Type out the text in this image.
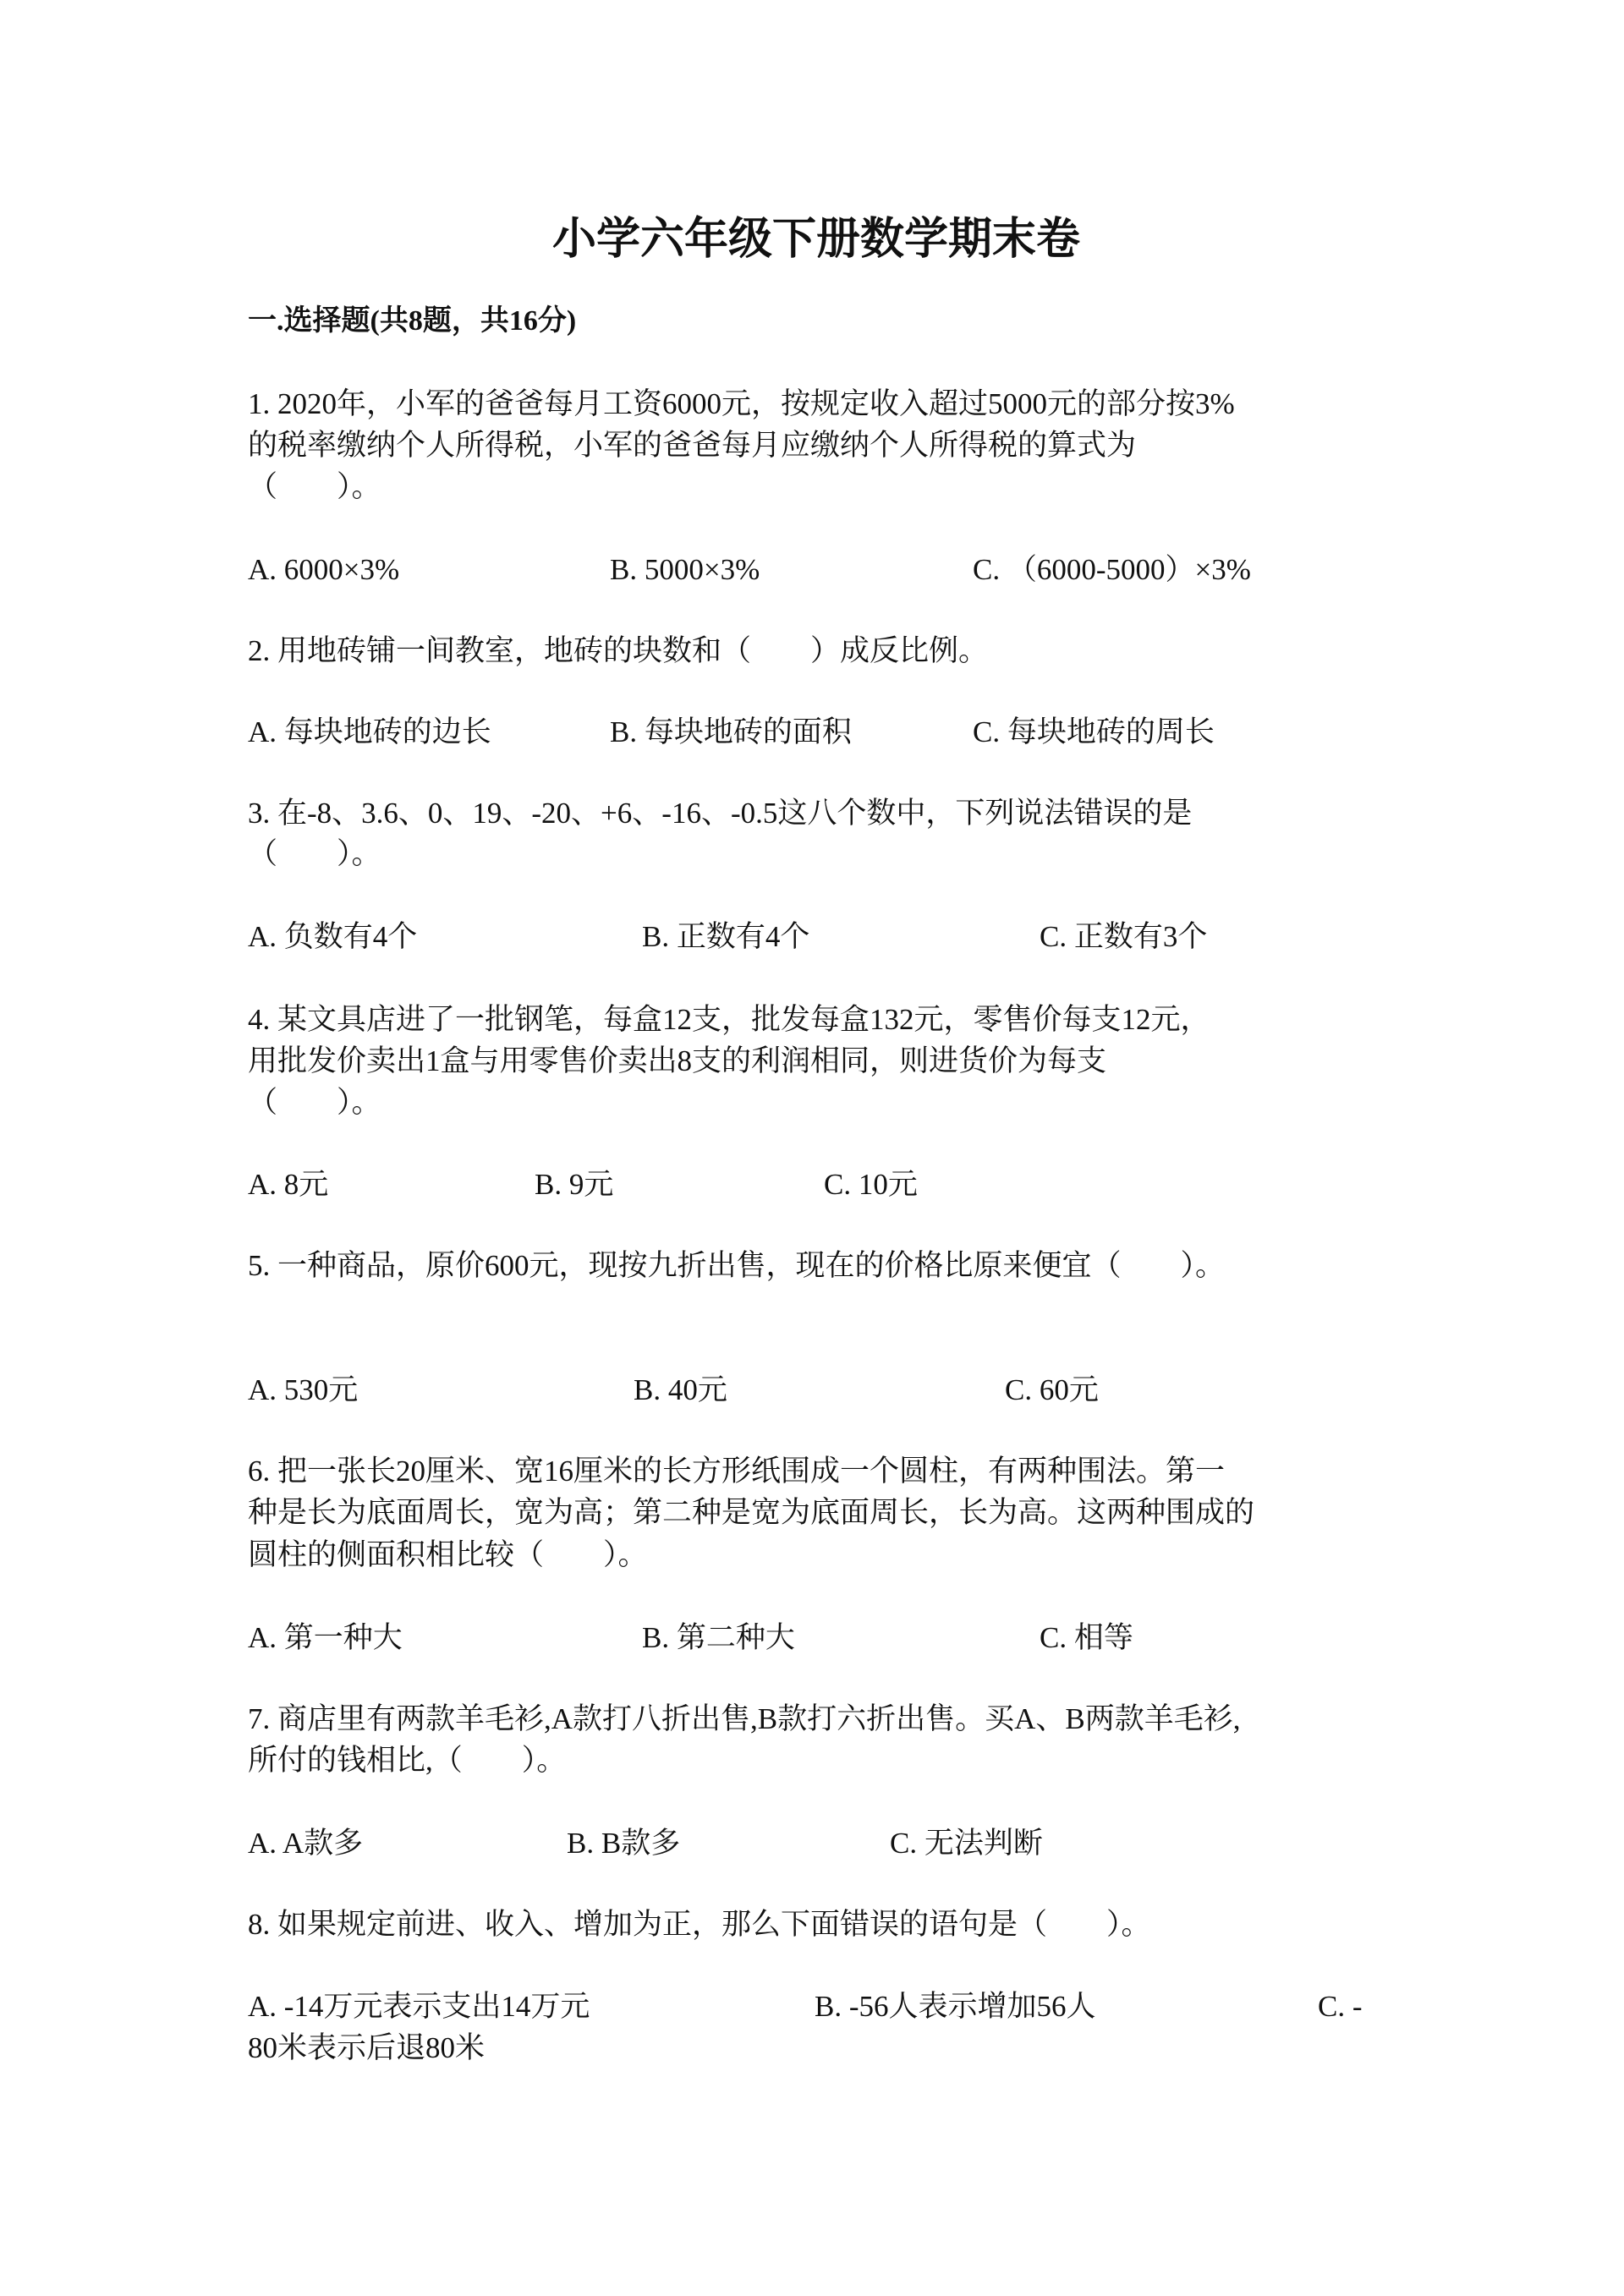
小学六年级下册数学期末卷
一.选择题(共8题，共16分)
1. 2020年，小军的爸爸每月工资6000元，按规定收入超过5000元的部分按3%
的税率缴纳个人所得税，小军的爸爸每月应缴纳个人所得税的算式为
（　　）。
A. 6000×3%	B. 5000×3%	C. （6000-5000）×3%
2. 用地砖铺一间教室，地砖的块数和（　　）成反比例。
A. 每块地砖的边长	B. 每块地砖的面积	C. 每块地砖的周长
3. 在-8、3.6、0、19、-20、+6、-16、-0.5这八个数中，下列说法错误的是
（　　）。
A. 负数有4个	B. 正数有4个	C. 正数有3个
4. 某文具店进了一批钢笔，每盒12支，批发每盒132元，零售价每支12元，
用批发价卖出1盒与用零售价卖出8支的利润相同，则进货价为每支
（　　）。
A. 8元	B. 9元	C. 10元
5. 一种商品，原价600元，现按九折出售，现在的价格比原来便宜（　　）。
A. 530元	B. 40元	C. 60元
6. 把一张长20厘米、宽16厘米的长方形纸围成一个圆柱，有两种围法。第一
种是长为底面周长，宽为高；第二种是宽为底面周长，长为高。这两种围成的
圆柱的侧面积相比较（　　）。
A. 第一种大	B. 第二种大	C. 相等
7. 商店里有两款羊毛衫,A款打八折出售,B款打六折出售。买A、B两款羊毛衫,
所付的钱相比,（　　）。
A. A款多	B. B款多	C. 无法判断
8. 如果规定前进、收入、增加为正，那么下面错误的语句是（　　）。
A. -14万元表示支出14万元	B. -56人表示增加56人	C. -
80米表示后退80米
